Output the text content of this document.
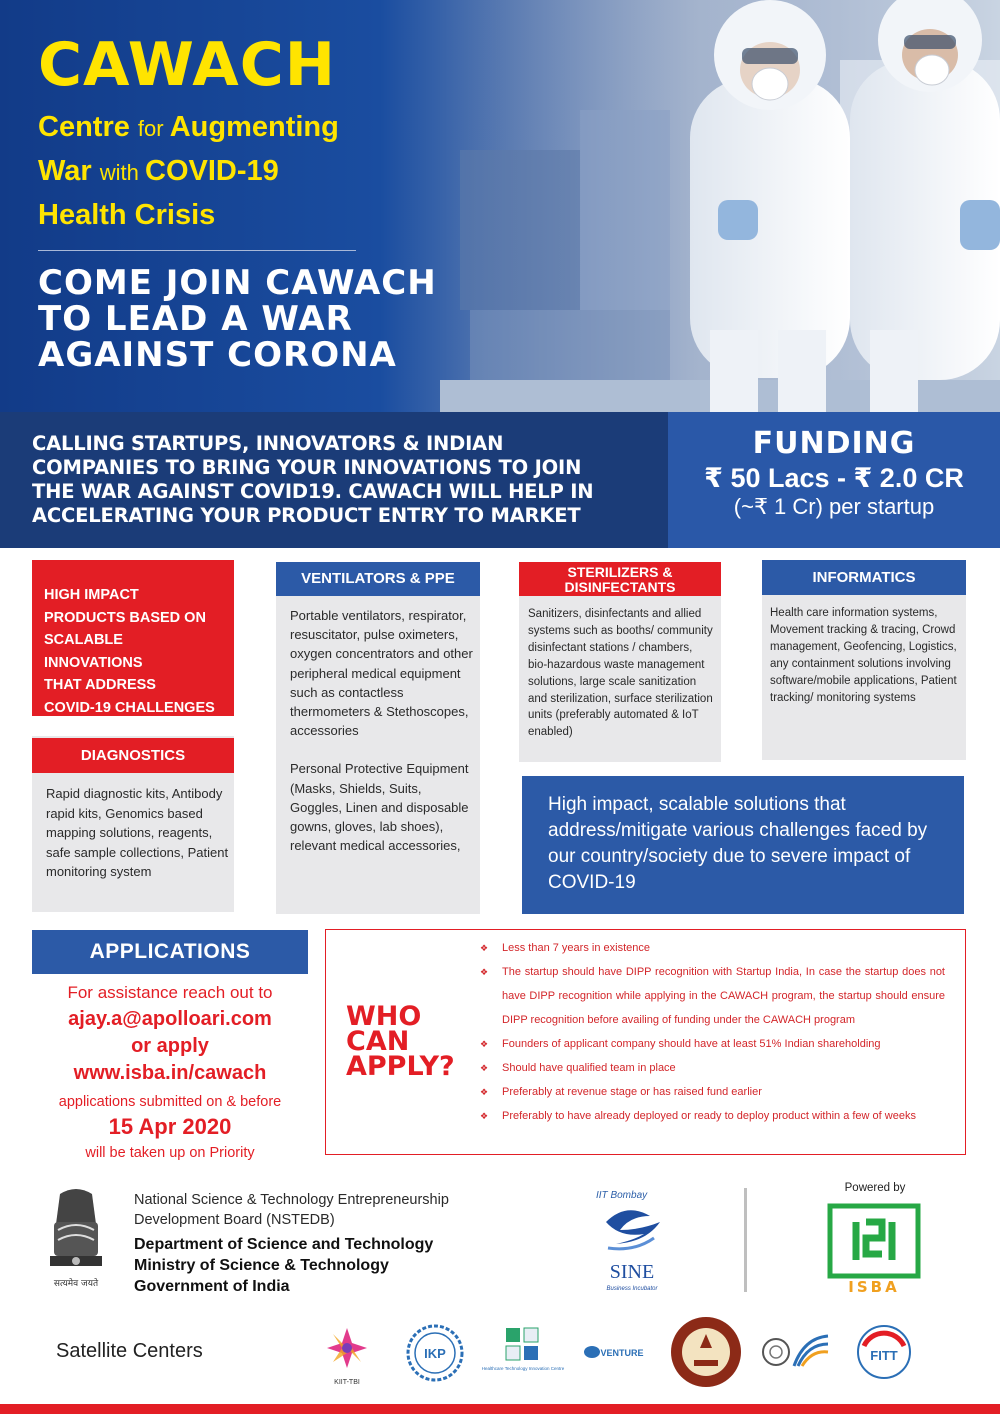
CAWACH
Centre for Augmenting
War with COVID-19
Health Crisis
COME JOIN CAWACH
TO LEAD A WAR
AGAINST CORONA
CALLING STARTUPS, INNOVATORS & INDIAN
COMPANIES TO BRING YOUR INNOVATIONS TO JOIN
THE WAR AGAINST COVID19. CAWACH WILL HELP IN
ACCELERATING YOUR PRODUCT ENTRY TO MARKET
FUNDING
₹ 50 Lacs - ₹ 2.0 CR
(~₹ 1 Cr) per startup
HIGH IMPACT
PRODUCTS BASED ON
SCALABLE INNOVATIONS
THAT ADDRESS
COVID-19 CHALLENGES
DIAGNOSTICS
Rapid diagnostic kits, Antibody rapid kits, Genomics based mapping solutions, reagents, safe sample collections, Patient monitoring system
VENTILATORS & PPE

Portable ventilators, respirator, resuscitator, pulse oximeters, oxygen concentrators and other peripheral medical equipment such as contactless thermometers & Stethoscopes, accessories

Personal Protective Equipment (Masks, Shields, Suits, Goggles, Linen and disposable gowns, gloves, lab shoes), relevant medical accessories,

STERILIZERS &
DISINFECTANTS
Sanitizers, disinfectants and allied systems such as booths/ community disinfectant stations / chambers, bio-hazardous waste management solutions, large scale sanitization and sterilization, surface sterilization units (preferably automated & IoT enabled)
INFORMATICS
Health care information systems, Movement tracking & tracing, Crowd management, Geofencing, Logistics, any containment solutions involving software/mobile applications, Patient tracking/ monitoring systems
High impact, scalable solutions that address/mitigate various challenges faced by our country/society due to severe impact of COVID-19
APPLICATIONS
For assistance reach out to
ajay.a@apolloari.com
or apply
www.isba.in/cawach
applications submitted on & before
15 Apr 2020
will be taken up on Priority
WHO
CAN
APPLY?
❖ Less than 7 years in existence
❖ The startup should have DIPP recognition with Startup India, In case the startup does not have DIPP recognition while applying in the CAWACH program, the startup should ensure DIPP recognition before availing of funding under the CAWACH program
❖ Founders of applicant company should have at least 51% Indian shareholding
❖ Should have qualified team in place
❖ Preferably at revenue stage or has raised fund earlier
❖ Preferably to have already deployed or ready to deploy product within a few of weeks
सत्यमेव जयते
National Science & Technology Entrepreneurship
Development Board (NSTEDB)
Department of Science and Technology
Ministry of Science & Technology
Government of India
IIT Bombay
SINE
Business Incubator
Powered by
ISBA
Satellite Centers
KIIT-TBI
IKP
Healthcare Technology Innovation Centre
VENTURE	FITT
